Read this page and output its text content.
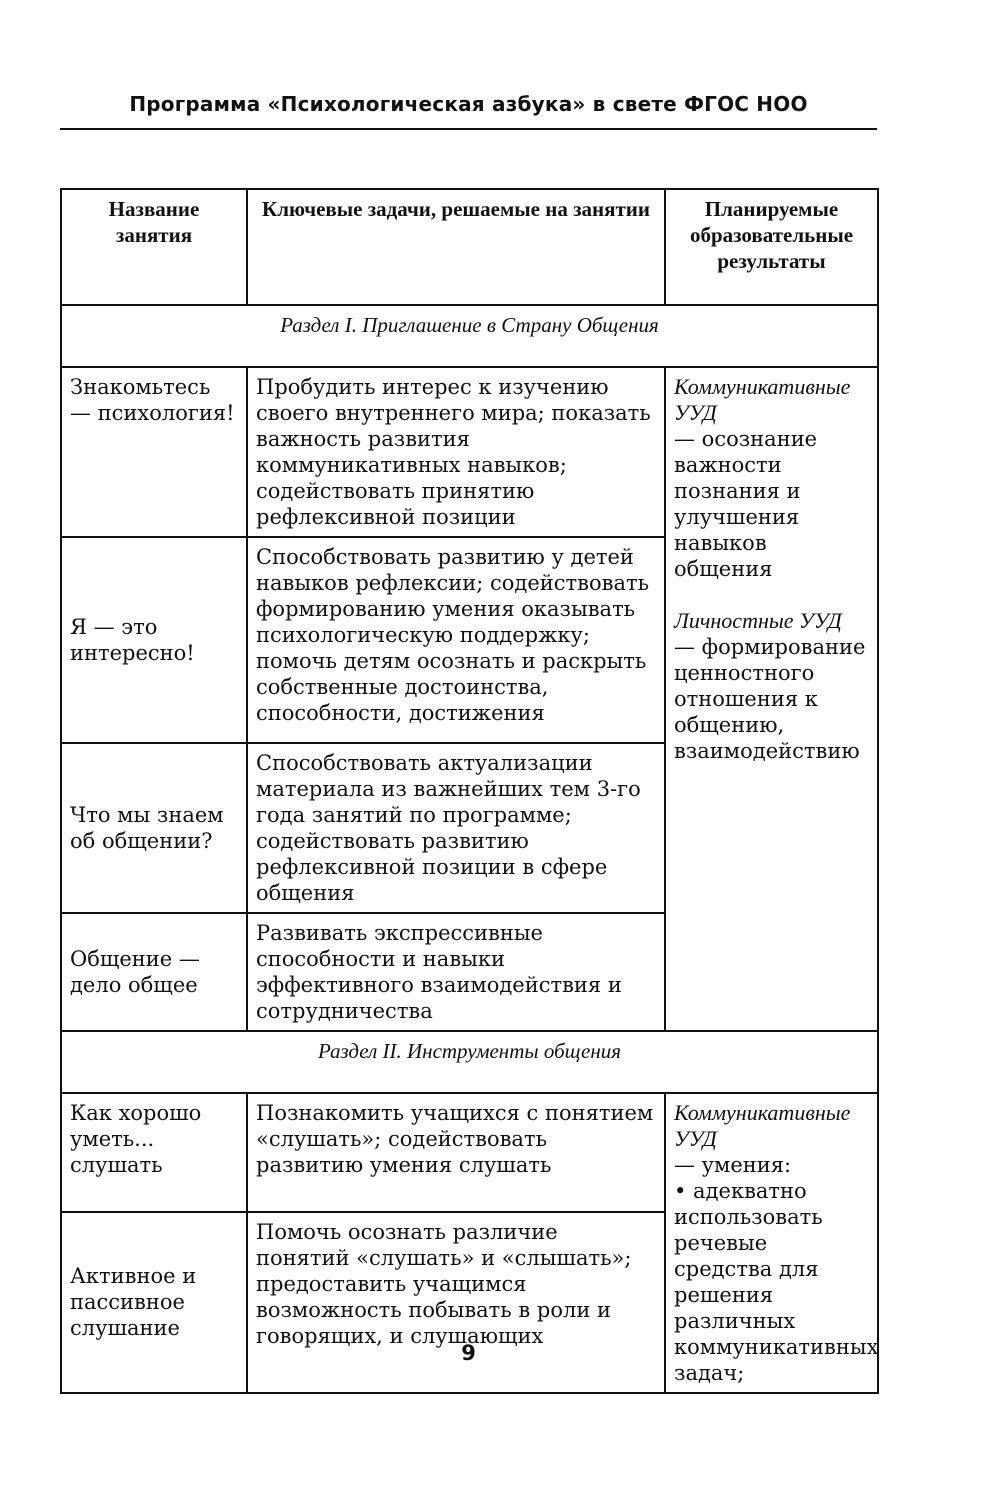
Программа «Психологическая азбука» в свете ФГОС НОО
Название занятия	Ключевые задачи, решаемые на занятии	Планируемые образовательные результаты
Раздел I. Приглашение в Страну Общения		
Знакомьтесь — психология!	Пробудить интерес к изучению своего внутреннего мира; показать важность развития коммуникативных навыков; содействовать принятию рефлексивной позиции	Коммуникативные УУД
— осознание важности познания и улучшения навыков общения
Личностные УУД
— формирование ценностного отношения к общению, взаимодействию

Я — это интересно!	Способствовать развитию у детей навыков рефлексии; содействовать формированию умения оказывать психологическую поддержку; помочь детям осознать и раскрыть собственные достоинства, способности, достижения	
Что мы знаем об общении?	Способствовать актуализации материала из важнейших тем 3-го года занятий по программе; содействовать развитию рефлексивной позиции в сфере общения	
Общение — дело общее	Развивать экспрессивные способности и навыки эффективного взаимодействия и сотрудничества	
Раздел II. Инструменты общения		
Как хорошо уметь... слушать	Познакомить учащихся с понятием «слушать»; содействовать развитию умения слушать	Коммуникативные УУД
— умения:
• адекватно использовать речевые средства для решения различных коммуникативных задач;

Активное и пассивное слушание	Помочь осознать различие понятий «слушать» и «слышать»; предоставить учащимся возможность побывать в роли и говорящих, и слушающих	
9
